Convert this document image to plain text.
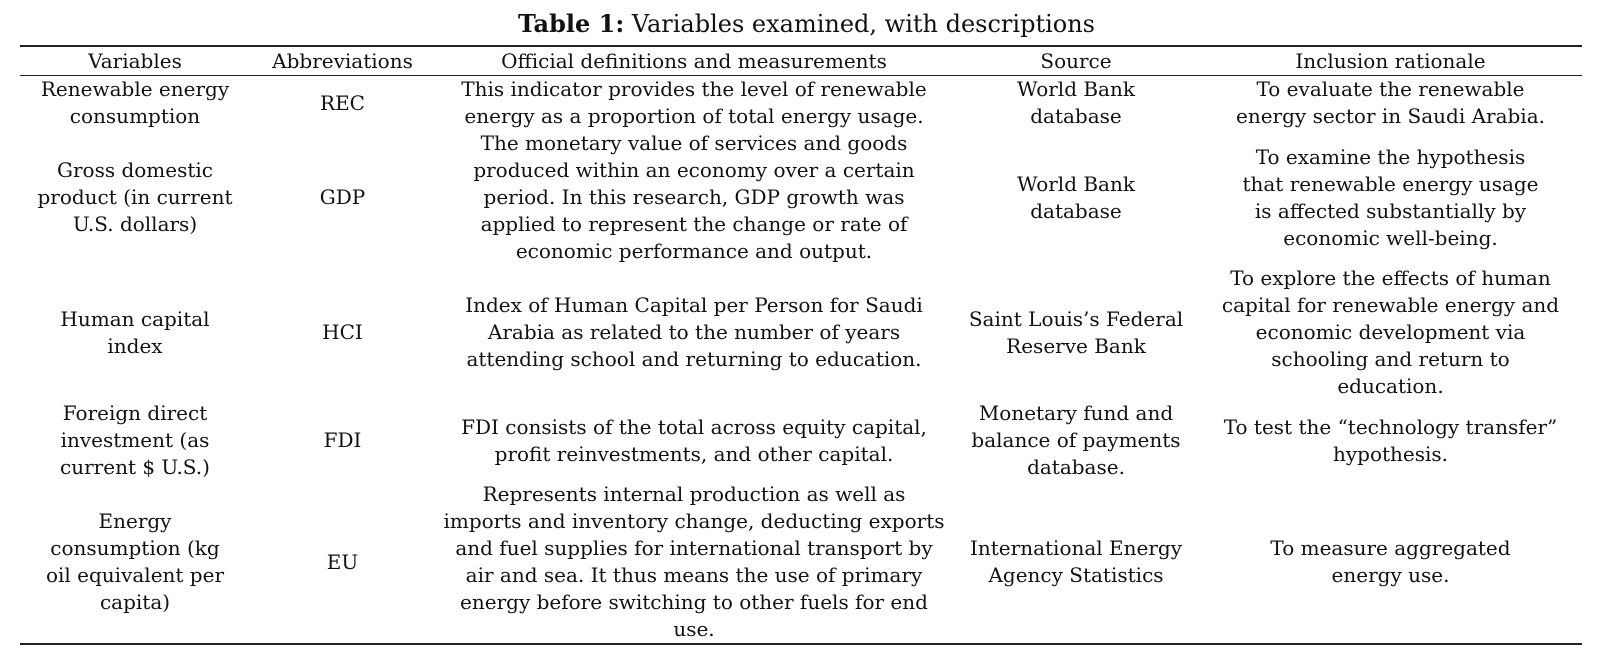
Table 1: Variables examined, with descriptions
Variables	Abbreviations	Official definitions and measurements	Source	Inclusion rationale
Renewable energy consumption	REC	This indicator provides the level of renewable energy as a proportion of total energy usage.	World Bank database	To evaluate the renewable energy sector in Saudi Arabia.
Gross domestic product (in current U.S. dollars)	GDP	The monetary value of services and goods produced within an economy over a certain period. In this research, GDP growth was applied to represent the change or rate of economic performance and output.	World Bank database	To examine the hypothesis that renewable energy usage is affected substantially by economic well-being.
Human capital index	HCI	Index of Human Capital per Person for Saudi Arabia as related to the number of years attending school and returning to education.	Saint Louis’s Federal Reserve Bank	To explore the effects of human capital for renewable energy and economic development via schooling and return to education.
Foreign direct investment (as current $ U.S.)	FDI	FDI consists of the total across equity capital, profit reinvestments, and other capital.	Monetary fund and balance of payments database.	To test the “technology transfer” hypothesis.
Energy consumption (kg oil equivalent per capita)	EU	Represents internal production as well as imports and inventory change, deducting exports and fuel supplies for international transport by air and sea. It thus means the use of primary energy before switching to other fuels for end use.	International Energy Agency Statistics	To measure aggregated energy use.
